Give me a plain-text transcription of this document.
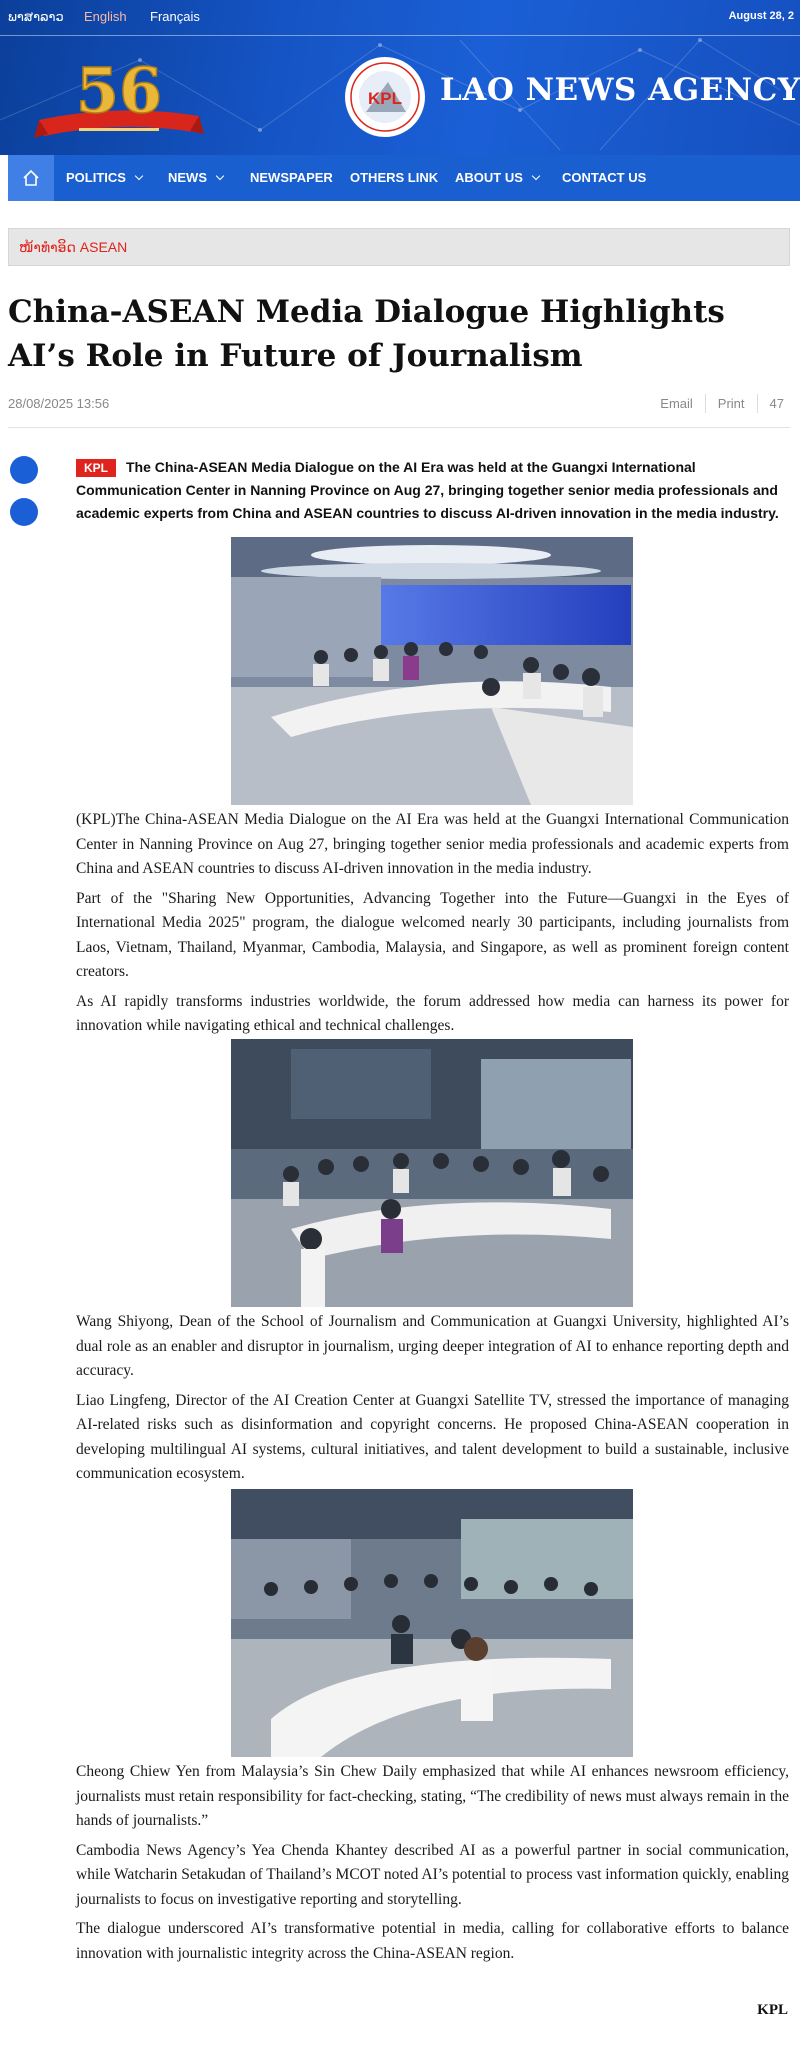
ພາສາລາວ English Français	August 28, 2
56	KPL LAO NEWS AGENCY
POLITICS	NEWS	NEWSPAPER OTHERS LINK ABOUT US	CONTACT US
ໜ້າທໍາອິດ ASEAN
China-ASEAN Media Dialogue Highlights AI’s Role in Future of Journalism
28/08/2025 13:56	Email	Print	47

KPL The China-ASEAN Media Dialogue on the AI Era was held at the Guangxi International Communication Center in Nanning Province on Aug 27, bringing together senior media professionals and academic experts from China and ASEAN countries to discuss AI-driven innovation in the media industry.

(KPL)The China-ASEAN Media Dialogue on the AI Era was held at the Guangxi International Communication Center in Nanning Province on Aug 27, bringing together senior media professionals and academic experts from China and ASEAN countries to discuss AI-driven innovation in the media industry.

Part of the "Sharing New Opportunities, Advancing Together into the Future—Guangxi in the Eyes of International Media 2025" program, the dialogue welcomed nearly 30 participants, including journalists from Laos, Vietnam, Thailand, Myanmar, Cambodia, Malaysia, and Singapore, as well as prominent foreign content creators.

As AI rapidly transforms industries worldwide, the forum addressed how media can harness its power for innovation while navigating ethical and technical challenges.

Wang Shiyong, Dean of the School of Journalism and Communication at Guangxi University, highlighted AI’s dual role as an enabler and disruptor in journalism, urging deeper integration of AI to enhance reporting depth and accuracy.

Liao Lingfeng, Director of the AI Creation Center at Guangxi Satellite TV, stressed the importance of managing AI-related risks such as disinformation and copyright concerns. He proposed China-ASEAN cooperation in developing multilingual AI systems, cultural initiatives, and talent development to build a sustainable, inclusive communication ecosystem.

Cheong Chiew Yen from Malaysia’s Sin Chew Daily emphasized that while AI enhances newsroom efficiency, journalists must retain responsibility for fact-checking, stating, “The credibility of news must always remain in the hands of journalists.”

Cambodia News Agency’s Yea Chenda Khantey described AI as a powerful partner in social communication, while Watcharin Setakudan of Thailand’s MCOT noted AI’s potential to process vast information quickly, enabling journalists to focus on investigative reporting and storytelling.

The dialogue underscored AI’s transformative potential in media, calling for collaborative efforts to balance innovation with journalistic integrity across the China-ASEAN region.

KPL
